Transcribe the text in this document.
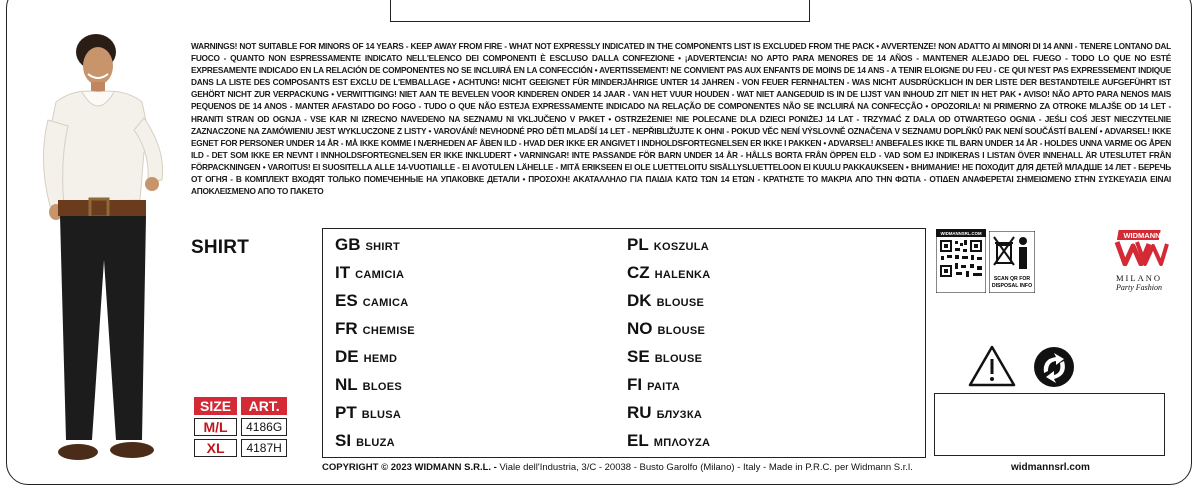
WARNINGS! NOT SUITABLE FOR MINORS OF 14 YEARS - KEEP AWAY FROM FIRE - WHAT NOT EXPRESSLY INDICATED IN THE COMPONENTS LIST IS EXCLUDED FROM THE PACK • AVVERTENZE! NON ADATTO AI MINORI DI 14 ANNI - TENERE LONTANO DAL FUOCO - QUANTO NON ESPRESSAMENTE INDICATO NELL'ELENCO DEI COMPONENTI È ESCLUSO DALLA CONFEZIONE • ¡ADVERTENCIA! NO APTO PARA MENORES DE 14 AÑOS - MANTENER ALEJADO DEL FUEGO - TODO LO QUE NO ESTÉ EXPRESAMENTE INDICADO EN LA RELACIÓN DE COMPONENTES NO SE INCLUIRÁ EN LA CONFECCIÓN • AVERTISSEMENT! NE CONVIENT PAS AUX ENFANTS DE MOINS DE 14 ANS - A TENIR ELOIGNE DU FEU - CE QUI N'EST PAS EXPRESSEMENT INDIQUE DANS LA LISTE DES COMPOSANTS EST EXCLU DE L'EMBALLAGE • ACHTUNG! NICHT GEEIGNET FÜR MINDERJÄHRIGE UNTER 14 JAHREN - VON FEUER FERNHALTEN - WAS NICHT AUSDRÜCKLICH IN DER LISTE DER BESTANDTEILE AUFGEFÜHRT IST GEHÖRT NICHT ZUR VERPACKUNG • VERWITTIGING! NIET AAN TE BEVELEN VOOR KINDEREN ONDER 14 JAAR - VAN HET VUUR HOUDEN - WAT NIET AANGEDUID IS IN DE LIJST VAN INHOUD ZIT NIET IN HET PAK • AVISO! NÃO APTO PARA NENOS MAIS PEQUENOS DE 14 ANOS - MANTER AFASTADO DO FOGO - TUDO O QUE NÃO ESTEJA EXPRESSAMENTE INDICADO NA RELAÇÃO DE COMPONENTES NÃO SE INCLUIRÁ NA CONFECÇÃO • OPOZORILA! NI PRIMERNO ZA OTROKE MLAJŠE OD 14 LET - HRANITI STRAN OD OGNJA - VSE KAR NI IZRECNO NAVEDENO NA SEZNAMU NI VKLJUČENO V PAKET • OSTRZEŻENIE! NIE POLECANE DLA DZIECI PONIŻEJ 14 LAT - TRZYMAĆ Z DALA OD OTWARTEGO OGNIA - JEŚLI COŚ JEST NIECZYTELNIE ZAZNACZONE NA ZAMÓWIENIU JEST WYKLUCZONE Z LISTY • VAROVÁNÍ! NEVHODNÉ PRO DĚTI MLADŠÍ 14 LET - NEPŘIBLIŽUJTE K OHNI - POKUD VĚC NENÍ VÝSLOVNĚ OZNAČENA V SEZNAMU DOPLŇKŮ PAK NENÍ SOUČÁSTÍ BALENÍ • ADVARSEL! IKKE EGNET FOR PERSONER UNDER 14 ÅR - MÅ IKKE KOMME I NÆRHEDEN AF ÅBEN ILD - HVAD DER IKKE ER ANGIVET I INDHOLDSFORTEGNELSEN ER IKKE I PAKKEN • ADVARSEL! ANBEFALES IKKE TIL BARN UNDER 14 ÅR - HOLDES UNNA VARME OG ÅPEN ILD - DET SOM IKKE ER NEVNT I INNHOLDSFORTEGNELSEN ER IKKE INKLUDERT • VARNINGAR! INTE PASSANDE FÖR BARN UNDER 14 ÅR - HÅLLS BORTA FRÅN ÖPPEN ELD - VAD SOM EJ INDIKERAS I LISTAN ÖVER INNEHALL ÄR UTESLUTET FRÅN FÖRPACKNINGEN • VAROITUS! EI SUOSITELLA ALLE 14-VUOTIAILLE - EI AVOTULEN LÄHELLE - MITÄ ERIKSEEN EI OLE LUETTELOITU SISÄLLYSLUETTELOON EI KUULU PAKKAUKSEEN • ВНИМАНИЕ! НЕ ПОХОДИТ ДЛЯ ДЕТЕЙ МЛАДШЕ 14 ЛЕТ - БЕРЕЧЬ ОТ ОГНЯ - В КОМПЛЕКТ ВХОДЯТ ТОЛЬКО ПОМЕЧЕННЫЕ НА УПАКОВКЕ ДЕТАЛИ • ΠΡΟΣΟΧΗ! ΑΚΑΤΑΛΛΗΛΟ ΓΙΑ ΠΑΙΔΙΑ ΚΑΤΩ ΤΩΝ 14 ΕΤΩΝ - ΚΡΑΤΗΣΤΕ ΤΟ ΜΑΚΡΙΑ ΑΠΟ ΤΗΝ ΦΩΤΙΑ - ΟΤΙΔΕΝ ΑΝΑΦΕΡΕΤΑΙ ΣΗΜΕΙΩΜΕΝΟ ΣΤΗΝ ΣΥΣΚΕΥΑΣΙΑ ΕΙΝΑΙ ΑΠΟΚΛΕΙΣΜΕΝΟ ΑΠΟ ΤΟ ΠΑΚΕΤΟ
SHIRT
SIZE	ART.
M/L	4186G
XL	4187H
GB SHIRT
IT CAMICIA
ES CAMICA
FR CHEMISE
DE HEMD
NL BLOES
PT BLUSA
SI BLUZA
PL KOSZULA
CZ HALENKA
DK BLOUSE
NO BLOUSE
SE BLOUSE
FI PAITA
RU БЛУЗКА
EL ΜΠΛΟΥΖΑ
WIDMANNSRL.COM
SCAN QR FOR
DISPOSAL INFO
WIDMANN
MILANO
Party Fashion
COPYRIGHT © 2023 WIDMANN S.R.L. - Viale dell'Industria, 3/C - 20038 - Busto Garolfo (Milano) - Italy - Made in P.R.C. per Widmann S.r.l.	widmannsrl.com
